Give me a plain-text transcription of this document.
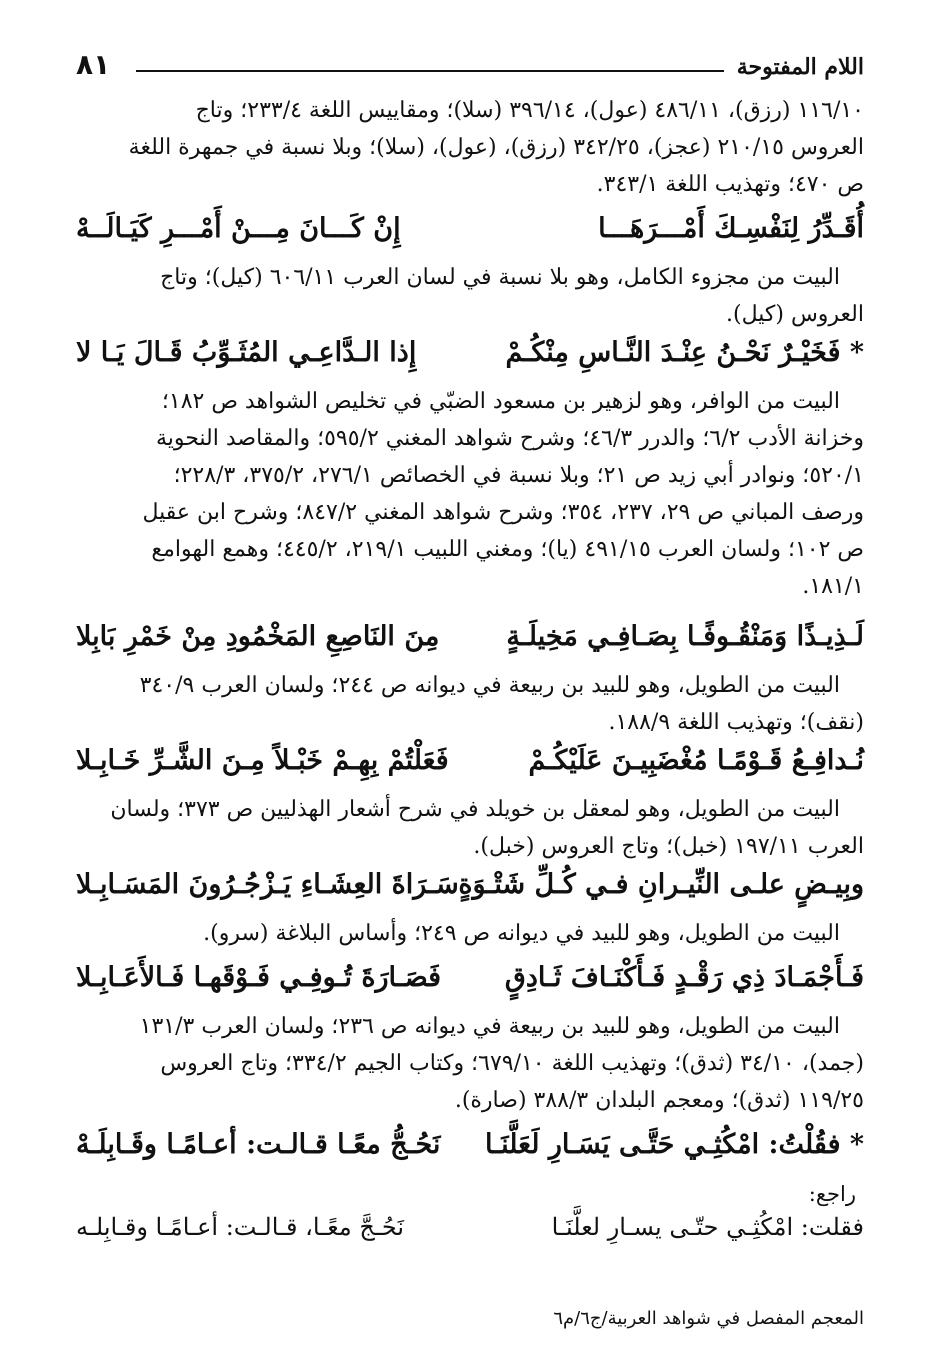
اللام المفتوحة
٨١

١١٦/١٠ (رزق)، ٤٨٦/١١ (عول)، ٣٩٦/١٤ (سلا)؛ ومقاييس اللغة ٢٣٣/٤؛ وتاج

العروس ٢١٠/١٥ (عجز)، ٣٤٢/٢٥ (رزق)، (عول)، (سلا)؛ وبلا نسبة في جمهرة اللغة

ص ٤٧٠؛ وتهذيب اللغة ٣٤٣/١.

أُقَـدِّرُ لِنَفْسِـكَ أَمْـــرَهَـــا
إِنْ كَـــانَ مِـــنْ أَمْـــرِ كَيَـالَــهْ

البيت من مجزوء الكامل، وهو بلا نسبة في لسان العرب ٦٠٦/١١ (كيل)؛ وتاج

العروس (كيل).

* فَخَيْـرٌ نَحْـنُ عِنْـدَ النَّـاسِ مِنْكُـمْ
إِذا الـدَّاعِـي المُثَـوِّبُ قَـالَ يَـا لا

البيت من الوافر، وهو لزهير بن مسعود الضبّي في تخليص الشواهد ص ١٨٢؛

وخزانة الأدب ٦/٢؛ والدرر ٤٦/٣؛ وشرح شواهد المغني ٥٩٥/٢؛ والمقاصد النحوية

٥٢٠/١؛ ونوادر أبي زيد ص ٢١؛ وبلا نسبة في الخصائص ٢٧٦/١، ٣٧٥/٢، ٢٢٨/٣؛

ورصف المباني ص ٢٩، ٢٣٧، ٣٥٤؛ وشرح شواهد المغني ٨٤٧/٢؛ وشرح ابن عقيل

ص ١٠٢؛ ولسان العرب ٤٩١/١٥ (يا)؛ ومغني اللبيب ٢١٩/١، ٤٤٥/٢؛ وهمع الهوامع

١٨١/١.

لَـذِيـذًا وَمَنْقُـوفًـا بِصَـافِـي مَخِيلَـةٍ
مِنَ النَاصِعِ المَخْمُودِ مِنْ خَمْرِ بَابِلا

البيت من الطويل، وهو للبيد بن ربيعة في ديوانه ص ٢٤٤؛ ولسان العرب ٣٤٠/٩

(نقف)؛ وتهذيب اللغة ١٨٨/٩.

نُـدافِـعُ قَـوْمًـا مُغْضَبِيـنَ عَلَيْكُـمْ
فَعَلْتُمْ بِهِـمْ خَبْـلاً مِـنَ الشَّـرِّ خَـابِـلا

البيت من الطويل، وهو لمعقل بن خويلد في شرح أشعار الهذليين ص ٣٧٣؛ ولسان

العرب ١٩٧/١١ (خبل)؛ وتاج العروس (خبل).

وبِيـضٍ علـى النِّيـرانِ فـي كُـلِّ شَتْـوَةٍ
سَـرَاةَ العِشَـاءِ يَـزْجُـرُونَ المَسَـابِـلا

البيت من الطويل، وهو للبيد في ديوانه ص ٢٤٩؛ وأساس البلاغة (سرو).

فَـأَجْمَـادَ ذِي رَقْـدٍ فَـأَكْنَـافَ ثَـادِقٍ
فَصَـارَةَ تُـوفِـي فَـوْقَهـا فَـالأَعَـابِـلا

البيت من الطويل، وهو للبيد بن ربيعة في ديوانه ص ٢٣٦؛ ولسان العرب ١٣١/٣

(جمد)، ٣٤/١٠ (ثدق)؛ وتهذيب اللغة ٦٧٩/١٠؛ وكتاب الجيم ٣٣٤/٢؛ وتاج العروس

١١٩/٢٥ (ثدق)؛ ومعجم البلدان ٣٨٨/٣ (صارة).

* فقُلْتُ: امْكُثِـي حَتَّـى يَسَـارِ لَعَلَّنَـا
نَحُـجُّ معًـا قـالـت: أعـامًـا وقَـابِلَـهْ
راجع:
فقلت: امْكُثِـي حتّـى يسـارِ لعلَّنَـا
نَحُـجَّ معًـا، قـالـت: أعـامًـا وقـابِلـه
المعجم المفصل في شواهد العربية/ج٦/م٦
